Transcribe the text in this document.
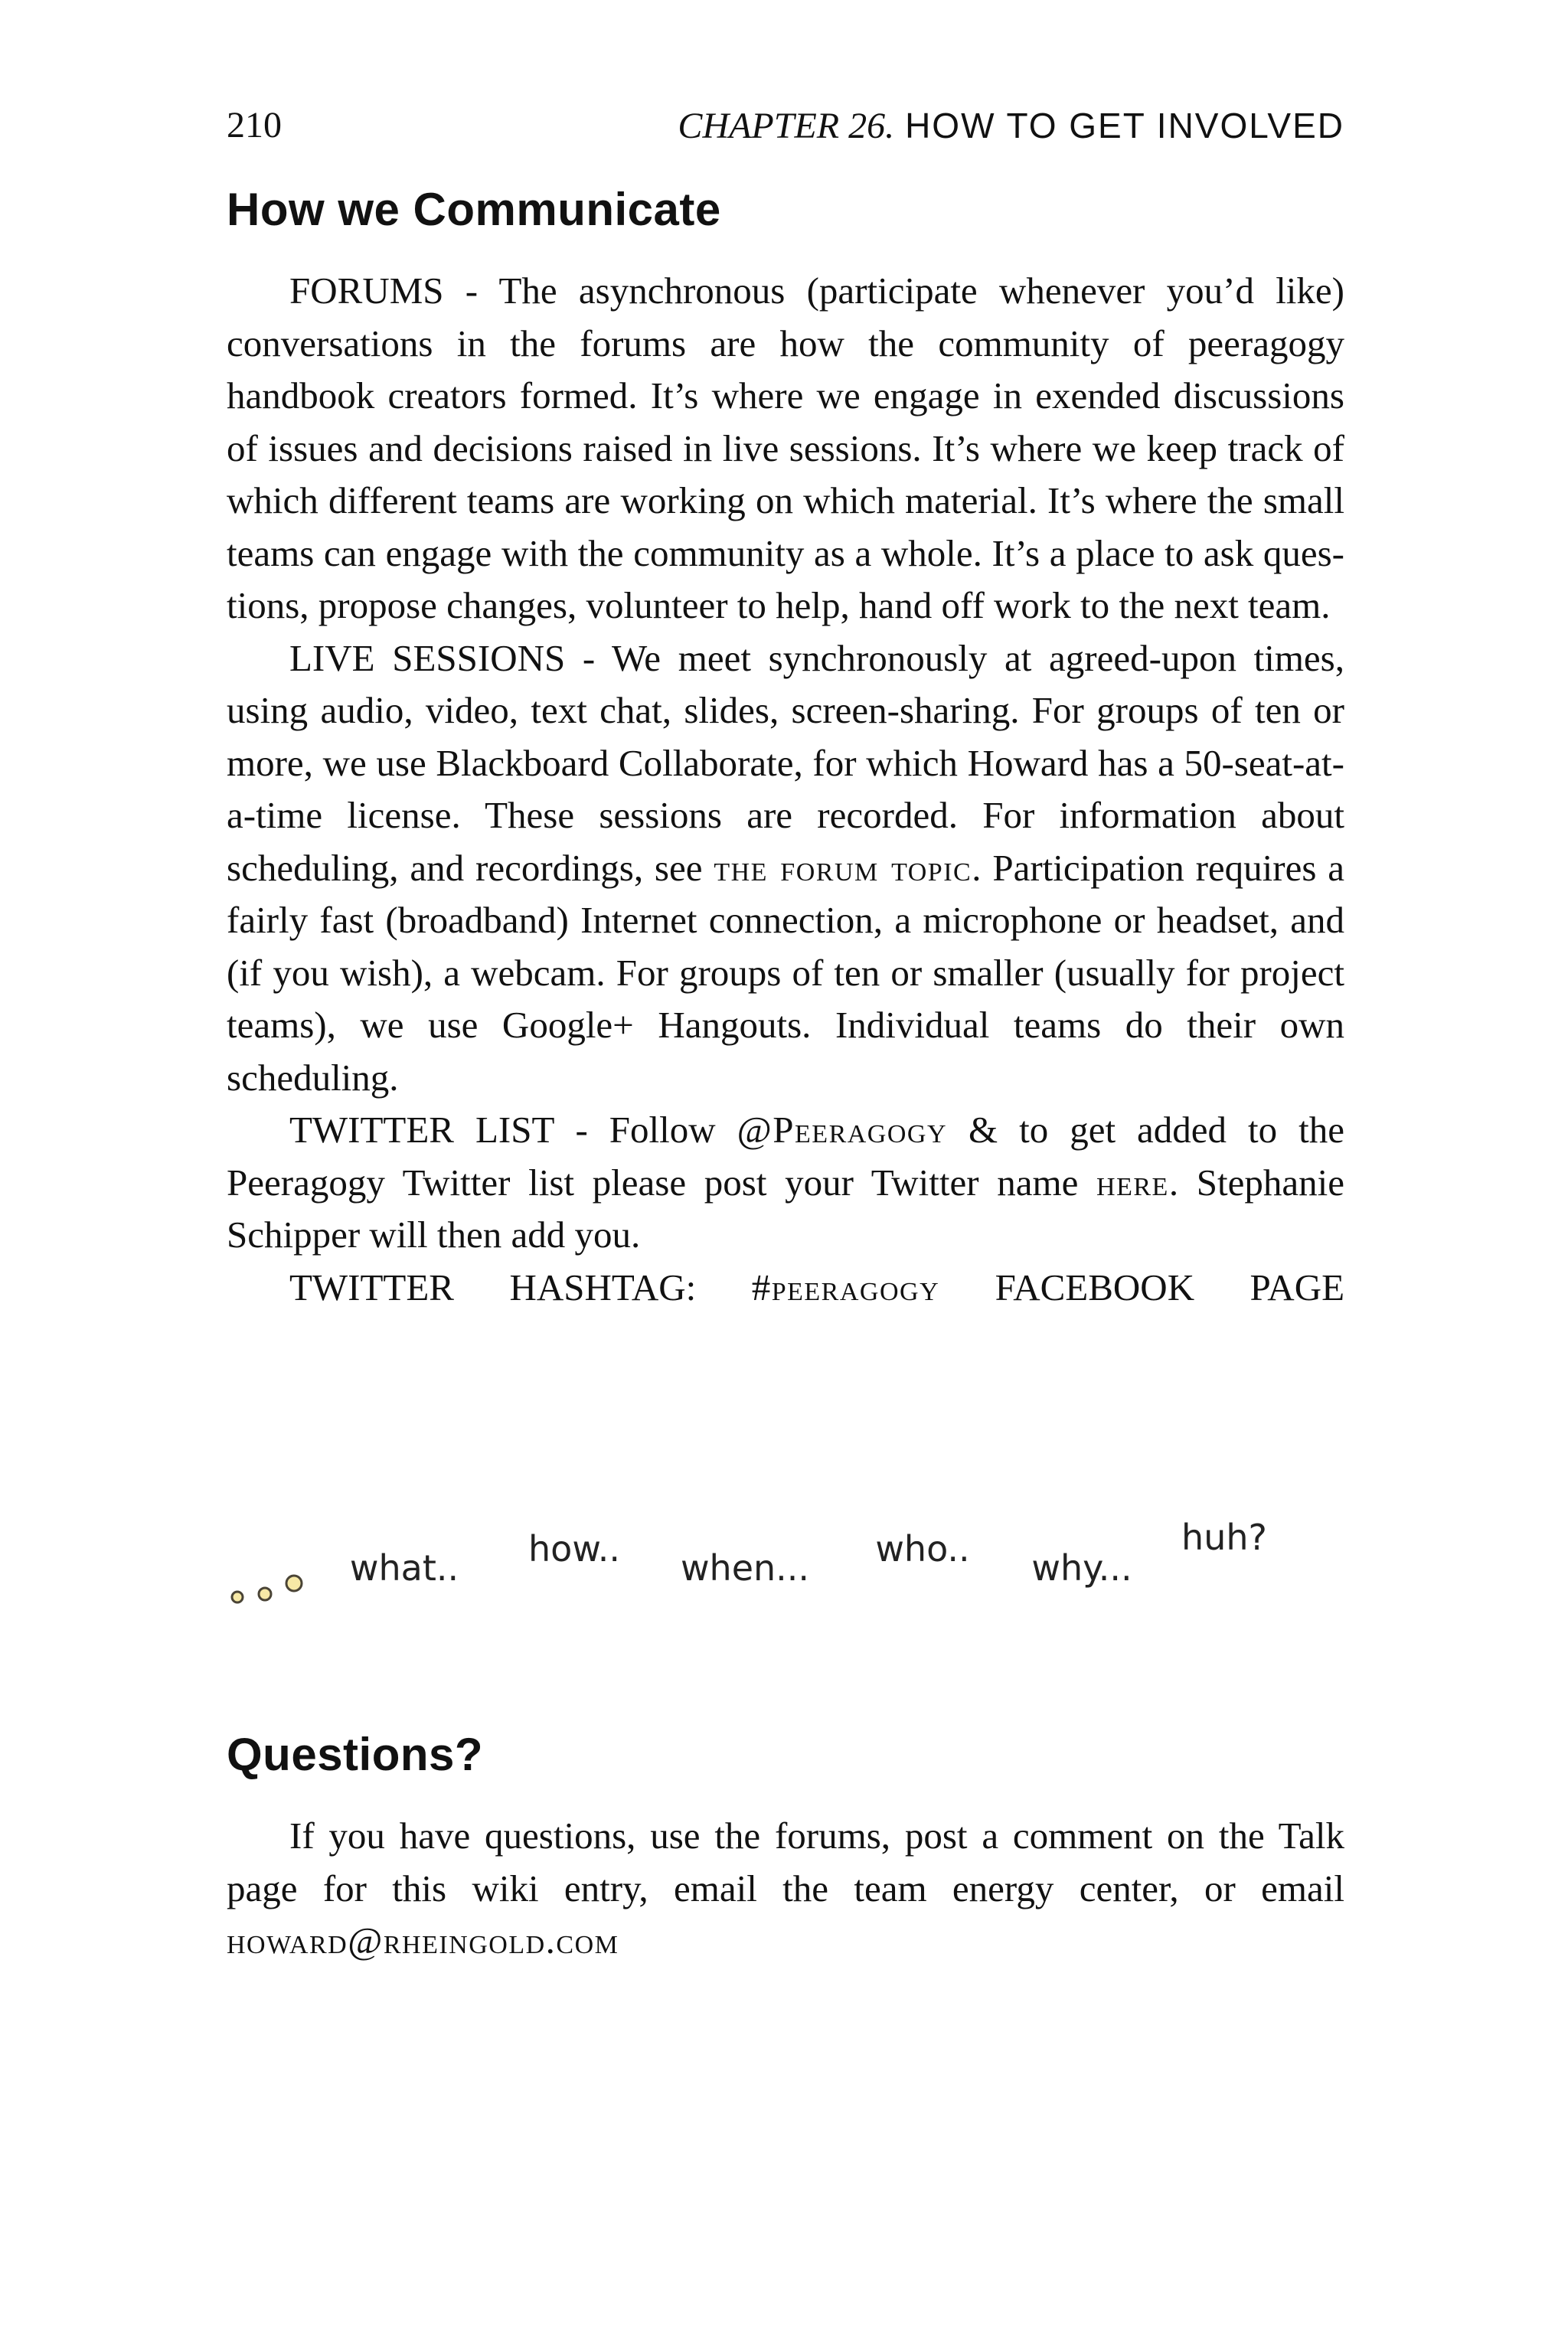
210	CHAPTER 26. HOW TO GET INVOLVED
How we Communicate

FORUMS - The asynchronous (participate whenever you’d like) conversations in the forums are how the community of peeragogy handbook creators formed. It’s where we engage in exended discussions of issues and decisions raised in live sessions. It’s where we keep track of which different teams are working on which material. It’s where the small teams can engage with the community as a whole. It’s a place to ask questions, propose changes, volunteer to help, hand off work to the next team.

LIVE SESSIONS - We meet synchronously at agreed-upon times, using audio, video, text chat, slides, screen-sharing. For groups of ten or more, we use Blackboard Collaborate, for which Howard has a 50-seat-at-a-time license. These sessions are recorded. For information about scheduling, and recordings, see the forum topic. Participation requires a fairly fast (broadband) Internet connection, a microphone or headset, and (if you wish), a webcam. For groups of ten or smaller (usually for project teams), we use Google+ Hangouts. Individual teams do their own scheduling.

TWITTER LIST - Follow @Peeragogy & to get added to the Peeragogy Twitter list please post your Twitter name here. Stephanie Schipper will then add you.

TWITTER HASHTAG: #peeragogy FACEBOOK PAGE

what.. how.. when... who.. why...
huh?
Questions?

If you have questions, use the forums, post a comment on the Talk page for this wiki entry, email the team energy center, or email howard@rheingold.com
